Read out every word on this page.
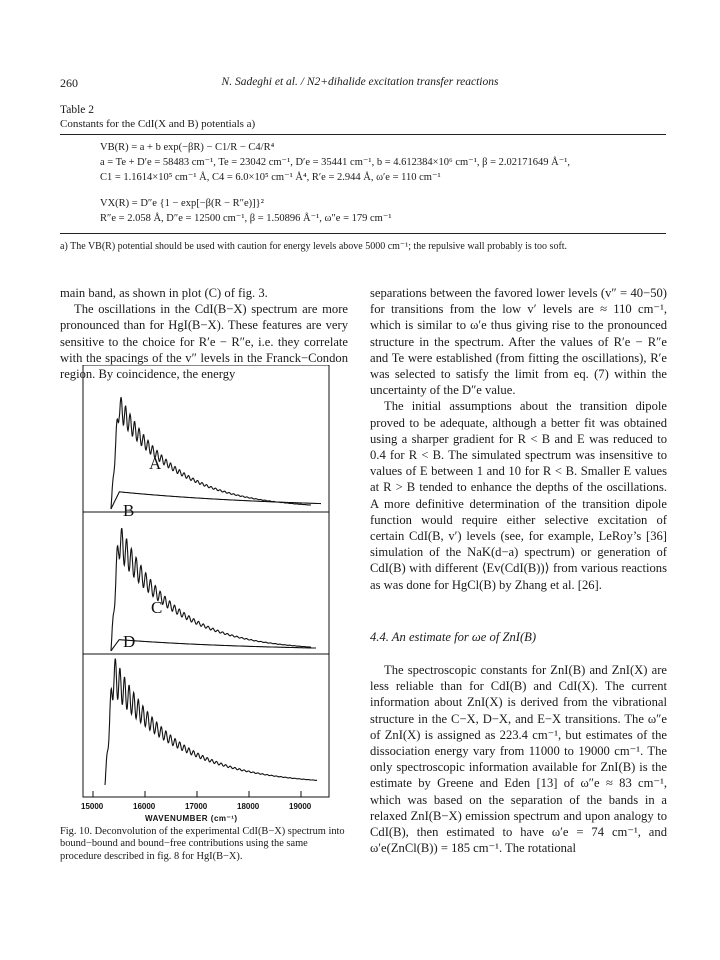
260	N. Sadeghi et al. / N2+dihalide excitation transfer reactions
Table 2
Constants for the CdI(X and B) potentials a)
VB(R) = a + b exp(−βR) − C1/R − C4/R⁴
a = Te + D′e = 58483 cm⁻¹, Te = 23042 cm⁻¹, D′e = 35441 cm⁻¹, b = 4.612384×10⁶ cm⁻¹, β = 2.02171649 Å⁻¹,
C1 = 1.1614×10⁵ cm⁻¹ Å, C4 = 6.0×10⁵ cm⁻¹ Å⁴, R′e = 2.944 Å, ω′e = 110 cm⁻¹
VX(R) = D″e {1 − exp[−β(R − R″e)]}²
R″e = 2.058 Å, D″e = 12500 cm⁻¹, β = 1.50896 Å⁻¹, ω″e = 179 cm⁻¹
a) The VB(R) potential should be used with caution for energy levels above 5000 cm⁻¹; the repulsive wall probably is too soft.

main band, as shown in plot (C) of fig. 3.

The oscillations in the CdI(B−X) spectrum are more pronounced than for HgI(B−X). These features are very sensitive to the choice for R′e − R″e, i.e. they correlate with the spacings of the v″ levels in the Franck−Condon region. By coincidence, the energy

A
B
C
D
15000	16000	17000	18000	19000
WAVENUMBER (cm⁻¹)
Fig. 10. Deconvolution of the experimental CdI(B−X) spectrum into bound−bound and bound−free contributions using the same procedure described in fig. 8 for HgI(B−X).

separations between the favored lower levels (v″ = 40−50) for transitions from the low v′ levels are ≈ 110 cm⁻¹, which is similar to ω′e thus giving rise to the pronounced structure in the spectrum. After the values of R′e − R″e and Te were established (from fitting the oscillations), R′e was selected to satisfy the limit from eq. (7) within the uncertainty of the D″e value.

The initial assumptions about the transition dipole proved to be adequate, although a better fit was obtained using a sharper gradient for R < B and E was reduced to 0.4 for R < B. The simulated spectrum was insensitive to values of E between 1 and 10 for R < B. Smaller E values at R > B tended to enhance the depths of the oscillations. A more definitive determination of the transition dipole function would require either selective excitation of certain CdI(B, v′) levels (see, for example, LeRoy’s [36] simulation of the NaK(d−a) spectrum) or generation of CdI(B) with different ⟨Ev(CdI(B))⟩ from various reactions as was done for HgCl(B) by Zhang et al. [26].

4.4. An estimate for ωe of ZnI(B)

The spectroscopic constants for ZnI(B) and ZnI(X) are less reliable than for CdI(B) and CdI(X). The current information about ZnI(X) is derived from the vibrational structure in the C−X, D−X, and E−X transitions. The ω″e of ZnI(X) is assigned as 223.4 cm⁻¹, but estimates of the dissociation energy vary from 11000 to 19000 cm⁻¹. The only spectroscopic information available for ZnI(B) is the estimate by Greene and Eden [13] of ω″e ≈ 83 cm⁻¹, which was based on the separation of the bands in a relaxed ZnI(B−X) emission spectrum and upon analogy to CdI(B), then estimated to have ω′e = 74 cm⁻¹, and ω′e(ZnCl(B)) = 185 cm⁻¹. The rotational
